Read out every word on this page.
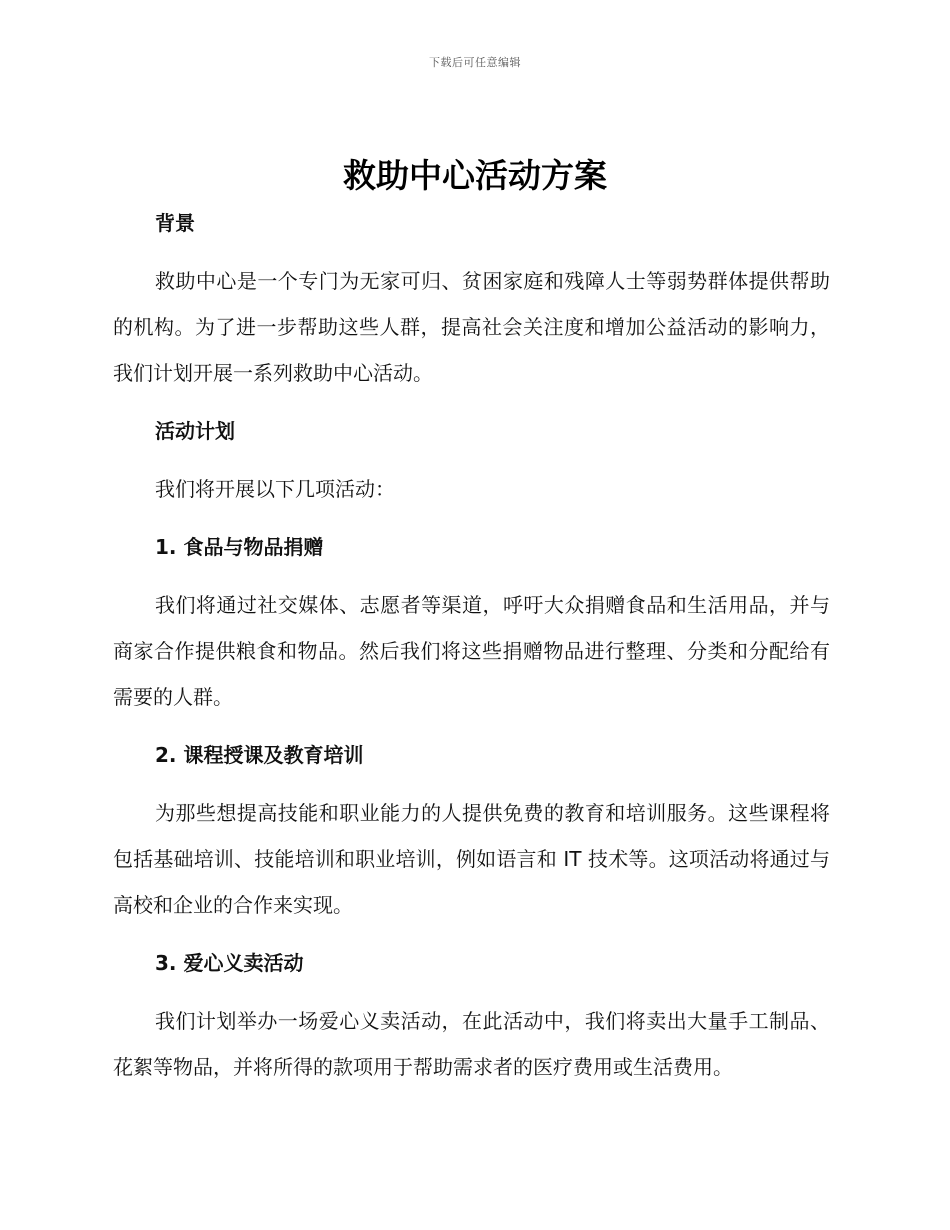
下载后可任意编辑
救助中心活动方案

背景

救助中心是一个专门为无家可归、贫困家庭和残障人士等弱势群体提供帮助的机构。为了进一步帮助这些人群，提高社会关注度和增加公益活动的影响力，我们计划开展一系列救助中心活动。

活动计划

我们将开展以下几项活动：

1. 食品与物品捐赠

我们将通过社交媒体、志愿者等渠道，呼吁大众捐赠食品和生活用品，并与商家合作提供粮食和物品。然后我们将这些捐赠物品进行整理、分类和分配给有需要的人群。

2. 课程授课及教育培训

为那些想提高技能和职业能力的人提供免费的教育和培训服务。这些课程将包括基础培训、技能培训和职业培训，例如语言和 IT 技术等。这项活动将通过与高校和企业的合作来实现。

3. 爱心义卖活动

我们计划举办一场爱心义卖活动，在此活动中，我们将卖出大量手工制品、花絮等物品，并将所得的款项用于帮助需求者的医疗费用或生活费用。
